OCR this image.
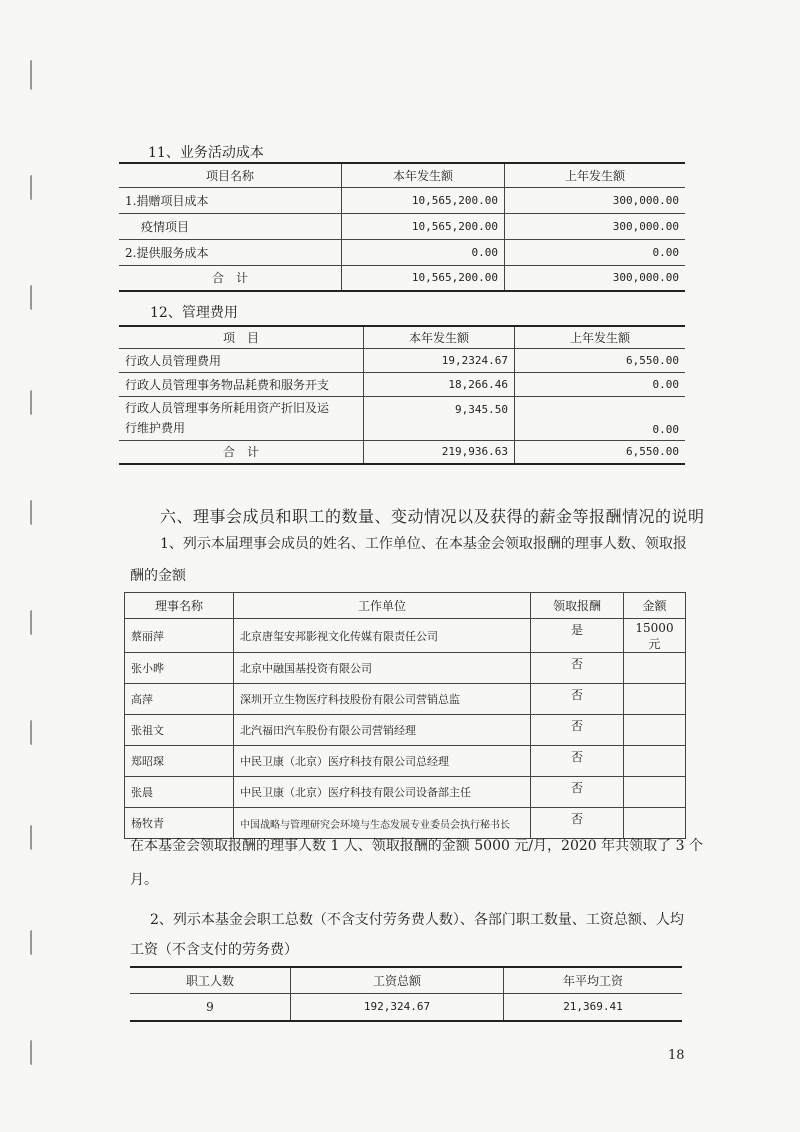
11、业务活动成本
项目名称	本年发生额	上年发生额
1.捐赠项目成本	10,565,200.00	300,000.00
疫情项目	10,565,200.00	300,000.00
2.提供服务成本	0.00	0.00
合　计	10,565,200.00	300,000.00
12、管理费用
项　目	本年发生额	上年发生额
行政人员管理费用	19,2324.67	6,550.00
行政人员管理事务物品耗费和服务开支	18,266.46	0.00

行政人员管理事务所耗用资产折旧及运
行维护费用	9,345.50	0.00
合　计	219,936.63	6,550.00
六、理事会成员和职工的数量、变动情况以及获得的薪金等报酬情况的说明
1、列示本届理事会成员的姓名、工作单位、在本基金会领取报酬的理事人数、领取报
酬的金额
理事名称	工作单位	领取报酬	金额
蔡丽萍	北京唐玺安邦影视文化传媒有限责任公司	是	15000元
张小晔	北京中融国基投资有限公司	否	
高萍	深圳开立生物医疗科技股份有限公司营销总监	否	
张祖文	北汽福田汽车股份有限公司营销经理	否	
郑昭琛	中民卫康（北京）医疗科技有限公司总经理	否	
张晨	中民卫康（北京）医疗科技有限公司设备部主任	否	
杨牧青	中国战略与管理研究会环境与生态发展专业委员会执行秘书长	否	
在本基金会领取报酬的理事人数 1 人、领取报酬的金额 5000 元/月，2020 年共领取了 3 个
月。
2、列示本基金会职工总数（不含支付劳务费人数）、各部门职工数量、工资总额、人均
工资（不含支付的劳务费）
职工人数	工资总额	年平均工资
9	192,324.67	21,369.41
18
